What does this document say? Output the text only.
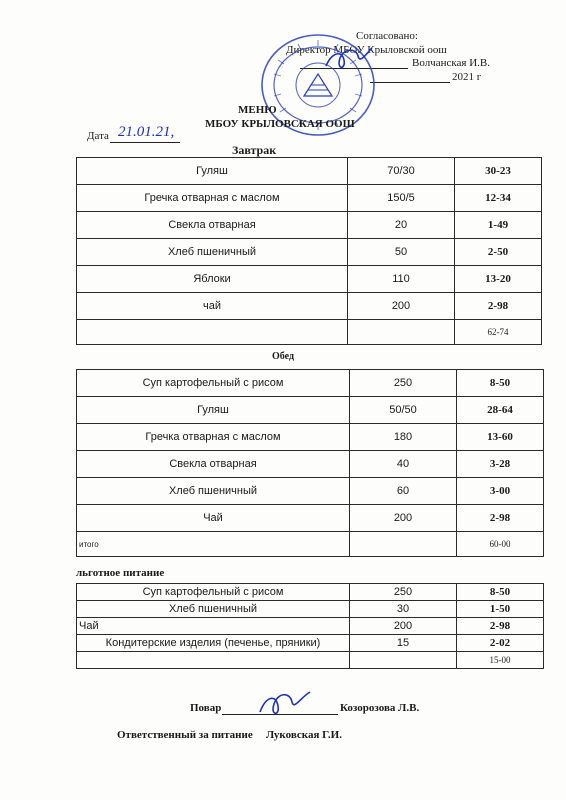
Согласовано:
Директор МБОУ Крыловской оош
Волчанская И.В.
2021 г
МЕНЮ
МБОУ КРЫЛОВСКАЯ ООШ
Дата 21.01.21,
Завтрак
Гуляш	70/30	30-23
Гречка отварная с маслом	150/5	12-34
Свекла отварная	20	1-49
Хлеб пшеничный	50	2-50
Яблоки	110	13-20
чай	200	2-98
		62-74
Обед
Суп картофельный с рисом	250	8-50
Гуляш	50/50	28-64
Гречка отварная с маслом	180	13-60
Свекла отварная	40	3-28
Хлеб пшеничный	60	3-00
Чай	200	2-98
итого		60-00
льготное питание
Суп картофельный с рисом	250	8-50
Хлеб пшеничный	30	1-50
Чай	200	2-98
Кондитерские изделия (печенье, пряники)	15	2-02
		15-00
Повар	Козорозова Л.В.
Ответственный за питание Луковская Г.И.
